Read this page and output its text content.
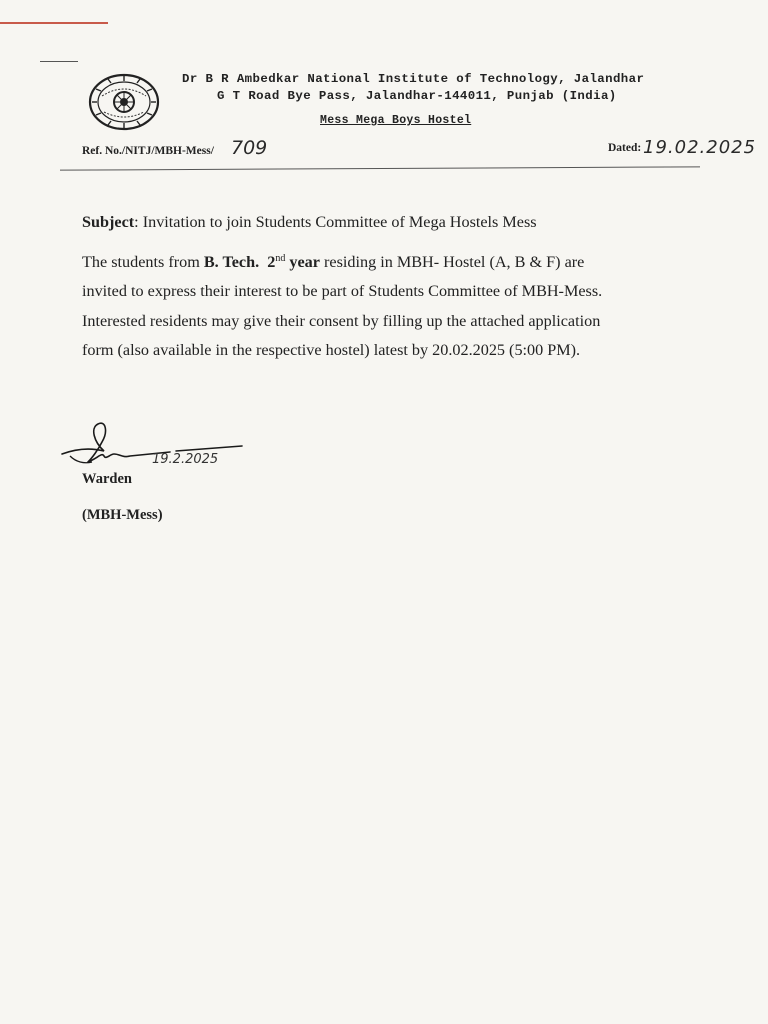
Dr B R Ambedkar National Institute of Technology, Jalandhar
G T Road Bye Pass, Jalandhar-144011, Punjab (India)
Mess Mega Boys Hostel
Ref. No./NITJ/MBH-Mess/ 709	Dated: 19.02.2025
Subject: Invitation to join Students Committee of Mega Hostels Mess
The students from B. Tech. 2nd year residing in MBH- Hostel (A, B & F) are
invited to express their interest to be part of Students Committee of MBH-Mess.
Interested residents may give their consent by filling up the attached application
form (also available in the respective hostel) latest by 20.02.2025 (5:00 PM).
19.2.2025
Warden
(MBH-Mess)
